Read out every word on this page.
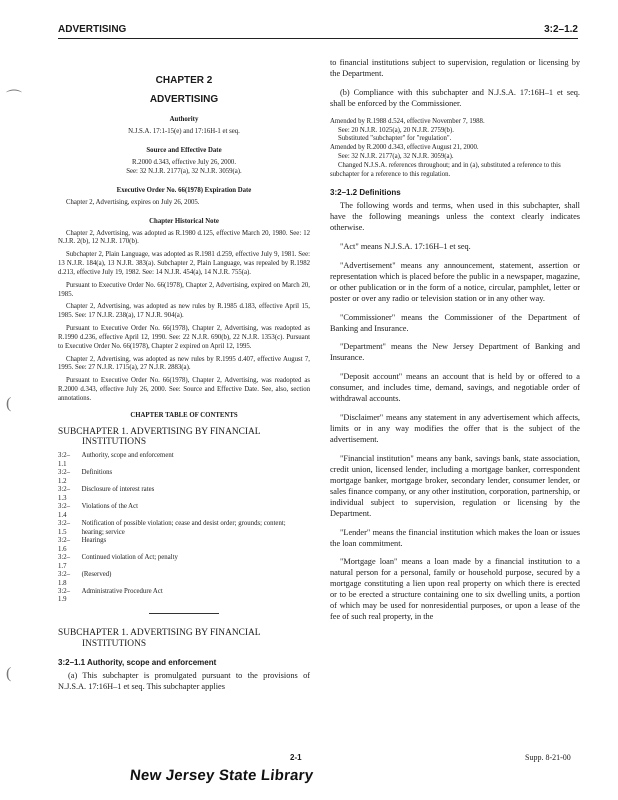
ADVERTISING	3:2–1.2
⌒
(
(
CHAPTER 2
ADVERTISING
Authority
N.J.S.A. 17:1-15(e) and 17:16H-1 et seq.
Source and Effective Date
R.2000 d.343, effective July 26, 2000.
See: 32 N.J.R. 2177(a), 32 N.J.R. 3059(a).
Executive Order No. 66(1978) Expiration Date
Chapter 2, Advertising, expires on July 26, 2005.
Chapter Historical Note

Chapter 2, Advertising, was adopted as R.1980 d.125, effective March 20, 1980. See: 12 N.J.R. 2(b), 12 N.J.R. 170(b).

Subchapter 2, Plain Language, was adopted as R.1981 d.259, effective July 9, 1981. See: 13 N.J.R. 184(a), 13 N.J.R. 383(a). Subchapter 2, Plain Language, was repealed by R.1982 d.213, effective July 19, 1982. See: 14 N.J.R. 454(a), 14 N.J.R. 755(a).

Pursuant to Executive Order No. 66(1978), Chapter 2, Advertising, expired on March 20, 1985.

Chapter 2, Advertising, was adopted as new rules by R.1985 d.183, effective April 15, 1985. See: 17 N.J.R. 238(a), 17 N.J.R. 904(a).

Pursuant to Executive Order No. 66(1978), Chapter 2, Advertising, was readopted as R.1990 d.236, effective April 12, 1990. See: 22 N.J.R. 690(b), 22 N.J.R. 1353(c). Pursuant to Executive Order No. 66(1978), Chapter 2 expired on April 12, 1995.

Chapter 2, Advertising, was adopted as new rules by R.1995 d.407, effective August 7, 1995. See: 27 N.J.R. 1715(a), 27 N.J.R. 2883(a).

Pursuant to Executive Order No. 66(1978), Chapter 2, Advertising, was readopted as R.2000 d.343, effective July 26, 2000. See: Source and Effective Date. See, also, section annotations.

CHAPTER TABLE OF CONTENTS
SUBCHAPTER 1. ADVERTISING BY FINANCIAL INSTITUTIONS
3:2–1.1	Authority, scope and enforcement
3:2–1.2	Definitions
3:2–1.3	Disclosure of interest rates
3:2–1.4	Violations of the Act
3:2–1.5	Notification of possible violation; cease and desist order; grounds; content; hearing; service
3:2–1.6	Hearings
3:2–1.7	Continued violation of Act; penalty
3:2–1.8	(Reserved)
3:2–1.9	Administrative Procedure Act
SUBCHAPTER 1. ADVERTISING BY FINANCIAL INSTITUTIONS
3:2–1.1 Authority, scope and enforcement
(a) This subchapter is promulgated pursuant to the provisions of N.J.S.A. 17:16H–1 et seq. This subchapter applies
to financial institutions subject to supervision, regulation or licensing by the Department.
(b) Compliance with this subchapter and N.J.S.A. 17:16H–1 et seq. shall be enforced by the Commissioner.
Amended by R.1988 d.524, effective November 7, 1988.
See: 20 N.J.R. 1025(a), 20 N.J.R. 2759(b).
Substituted "subchapter" for "regulation".
Amended by R.2000 d.343, effective August 21, 2000.
See: 32 N.J.R. 2177(a), 32 N.J.R. 3059(a).
Changed N.J.S.A. references throughout; and in (a), substituted a reference to this subchapter for a reference to this regulation.
3:2–1.2 Definitions
The following words and terms, when used in this subchapter, shall have the following meanings unless the context clearly indicates otherwise.
"Act" means N.J.S.A. 17:16H–1 et seq.
"Advertisement" means any announcement, statement, assertion or representation which is placed before the public in a newspaper, magazine, or other publication or in the form of a notice, circular, pamphlet, letter or poster or over any radio or television station or in any other way.
"Commissioner" means the Commissioner of the Department of Banking and Insurance.
"Department" means the New Jersey Department of Banking and Insurance.
"Deposit account" means an account that is held by or offered to a consumer, and includes time, demand, savings, and negotiable order of withdrawal accounts.
"Disclaimer" means any statement in any advertisement which affects, limits or in any way modifies the offer that is the subject of the advertisement.
"Financial institution" means any bank, savings bank, state association, credit union, licensed lender, including a mortgage banker, correspondent mortgage banker, mortgage broker, secondary lender, consumer lender, or sales finance company, or any other institution, corporation, partnership, or individual subject to supervision, regulation or licensing by the Department.
"Lender" means the financial institution which makes the loan or issues the loan commitment.
"Mortgage loan" means a loan made by a financial institution to a natural person for a personal, family or household purpose, secured by a mortgage constituting a lien upon real property on which there is erected or to be erected a structure containing one to six dwelling units, a portion of which may be used for nonresidential purposes, or upon a lease of the fee of such real property, in the
2-1	Supp. 8-21-00
New Jersey State Library
